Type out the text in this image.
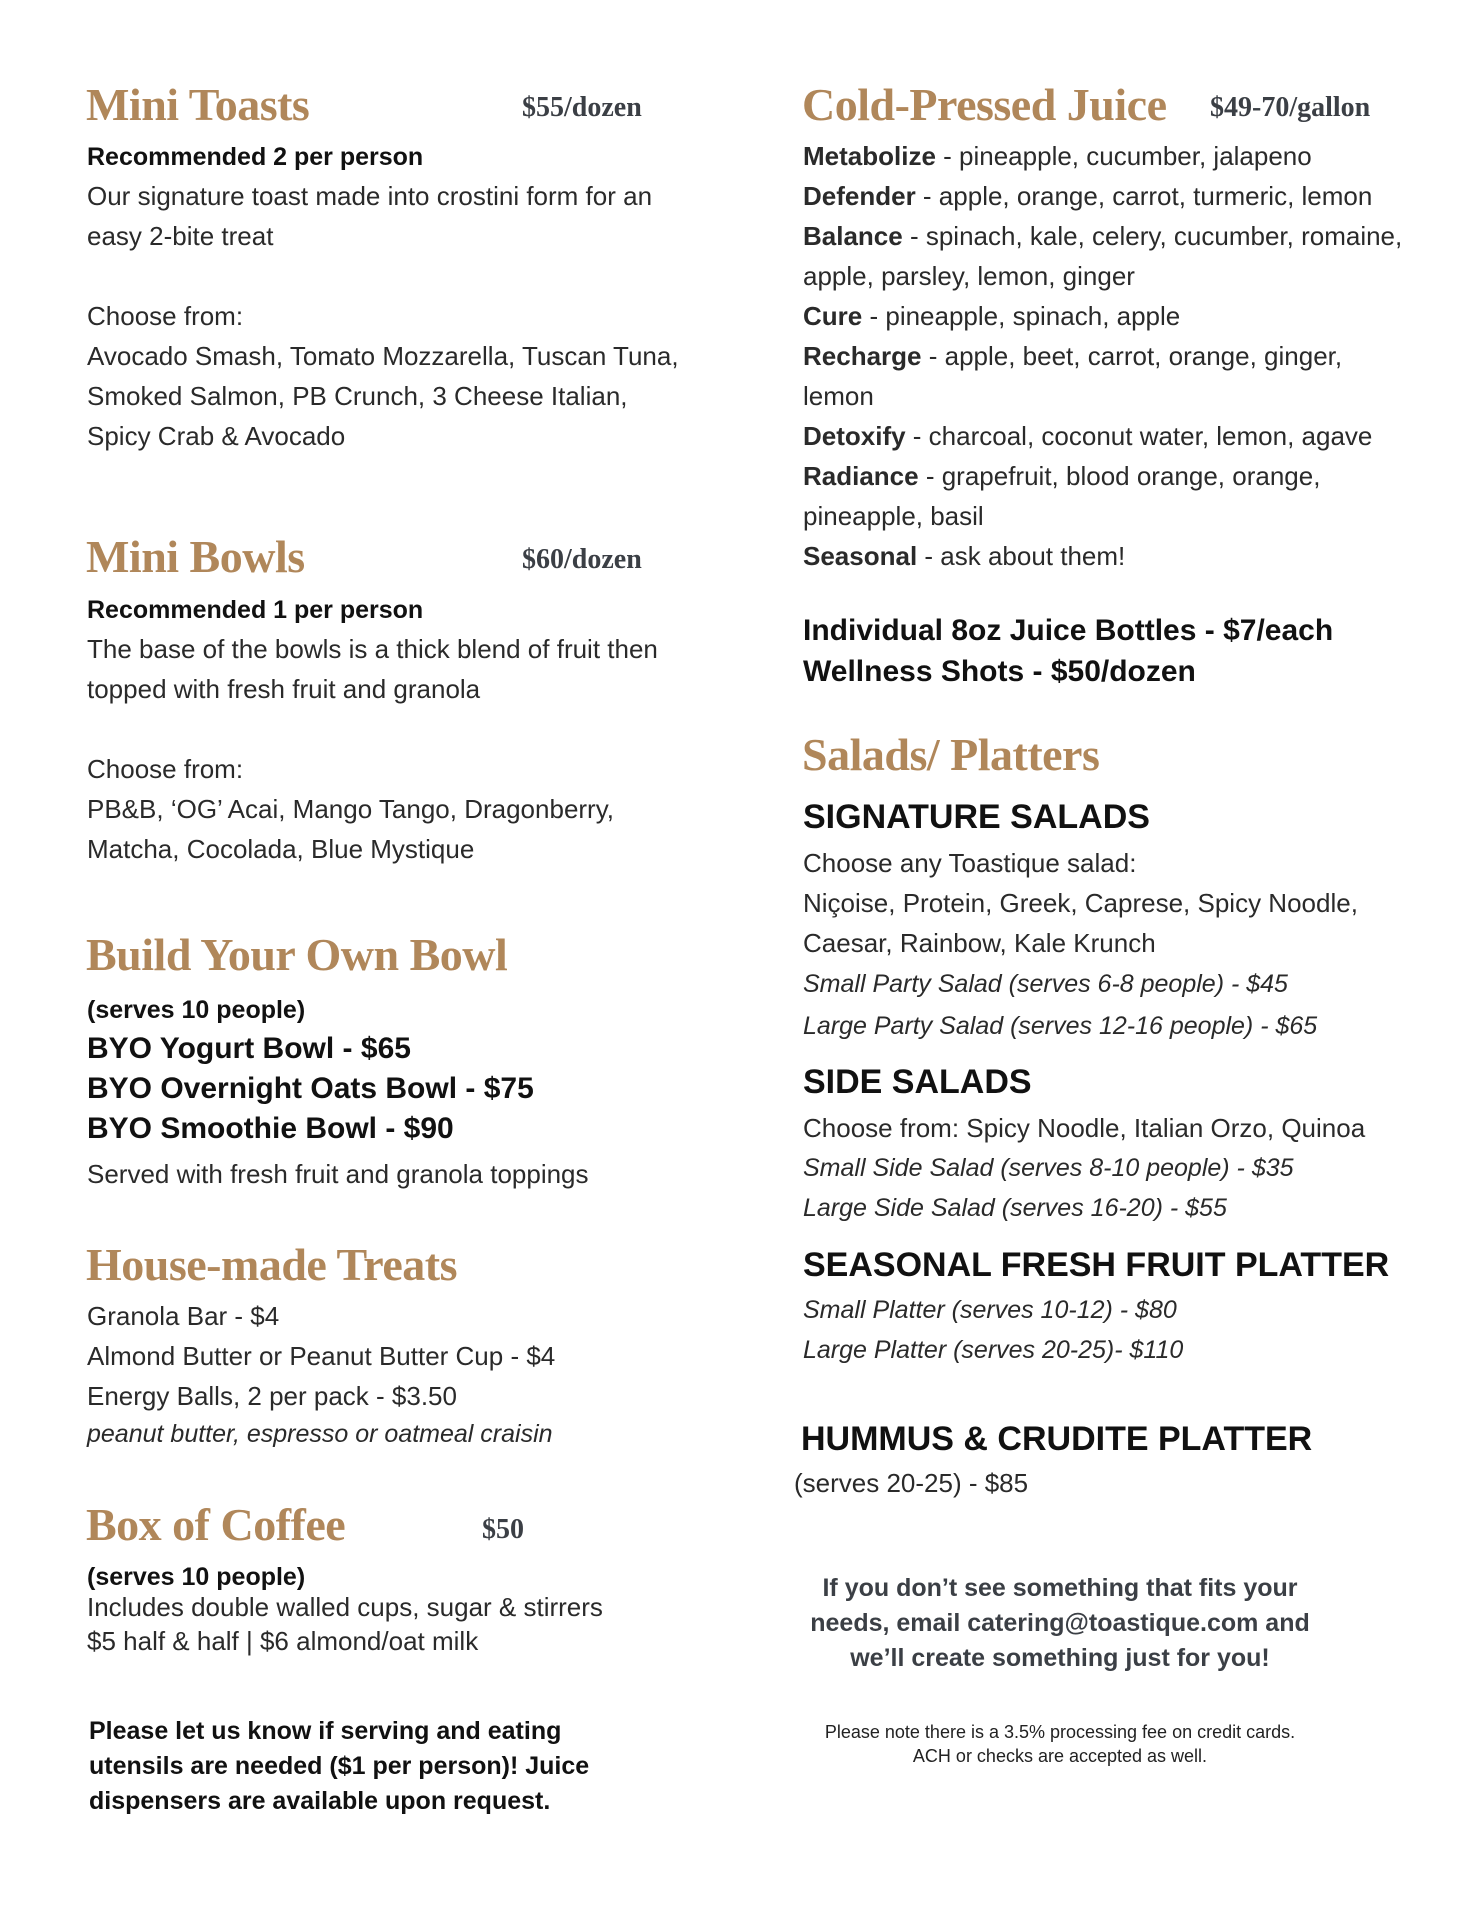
Mini Toasts	$55/dozen
Recommended 2 per person
Our signature toast made into crostini form for an
easy 2-bite treat
Choose from:
Avocado Smash, Tomato Mozzarella, Tuscan Tuna,
Smoked Salmon, PB Crunch, 3 Cheese Italian,
Spicy Crab & Avocado
Mini Bowls	$60/dozen
Recommended 1 per person
The base of the bowls is a thick blend of fruit then
topped with fresh fruit and granola
Choose from:
PB&B, ‘OG’ Acai, Mango Tango, Dragonberry,
Matcha, Cocolada, Blue Mystique
Build Your Own Bowl
(serves 10 people)
BYO Yogurt Bowl - $65
BYO Overnight Oats Bowl - $75
BYO Smoothie Bowl - $90
Served with fresh fruit and granola toppings
House-made Treats
Granola Bar - $4
Almond Butter or Peanut Butter Cup - $4
Energy Balls, 2 per pack - $3.50
peanut butter, espresso or oatmeal craisin
Box of Coffee	$50
(serves 10 people)
Includes double walled cups, sugar & stirrers
$5 half & half | $6 almond/oat milk
Please let us know if serving and eating
utensils are needed ($1 per person)! Juice
dispensers are available upon request.
Cold-Pressed Juice $49-70/gallon
Metabolize - pineapple, cucumber, jalapeno
Defender - apple, orange, carrot, turmeric, lemon
Balance - spinach, kale, celery, cucumber, romaine,
apple, parsley, lemon, ginger
Cure - pineapple, spinach, apple
Recharge - apple, beet, carrot, orange, ginger,
lemon
Detoxify - charcoal, coconut water, lemon, agave
Radiance - grapefruit, blood orange, orange,
pineapple, basil
Seasonal - ask about them!
Individual 8oz Juice Bottles - $7/each
Wellness Shots - $50/dozen
Salads/ Platters
SIGNATURE SALADS
Choose any Toastique salad:
Niçoise, Protein, Greek, Caprese, Spicy Noodle,
Caesar, Rainbow, Kale Krunch
Small Party Salad (serves 6-8 people) - $45
Large Party Salad (serves 12-16 people) - $65
SIDE SALADS
Choose from: Spicy Noodle, Italian Orzo, Quinoa
Small Side Salad (serves 8-10 people) - $35
Large Side Salad (serves 16-20) - $55
SEASONAL FRESH FRUIT PLATTER
Small Platter (serves 10-12) - $80
Large Platter (serves 20-25)- $110
HUMMUS & CRUDITE PLATTER
(serves 20-25) - $85
If you don’t see something that fits your
needs, email catering@toastique.com and
we’ll create something just for you!
Please note there is a 3.5% processing fee on credit cards.
ACH or checks are accepted as well.
